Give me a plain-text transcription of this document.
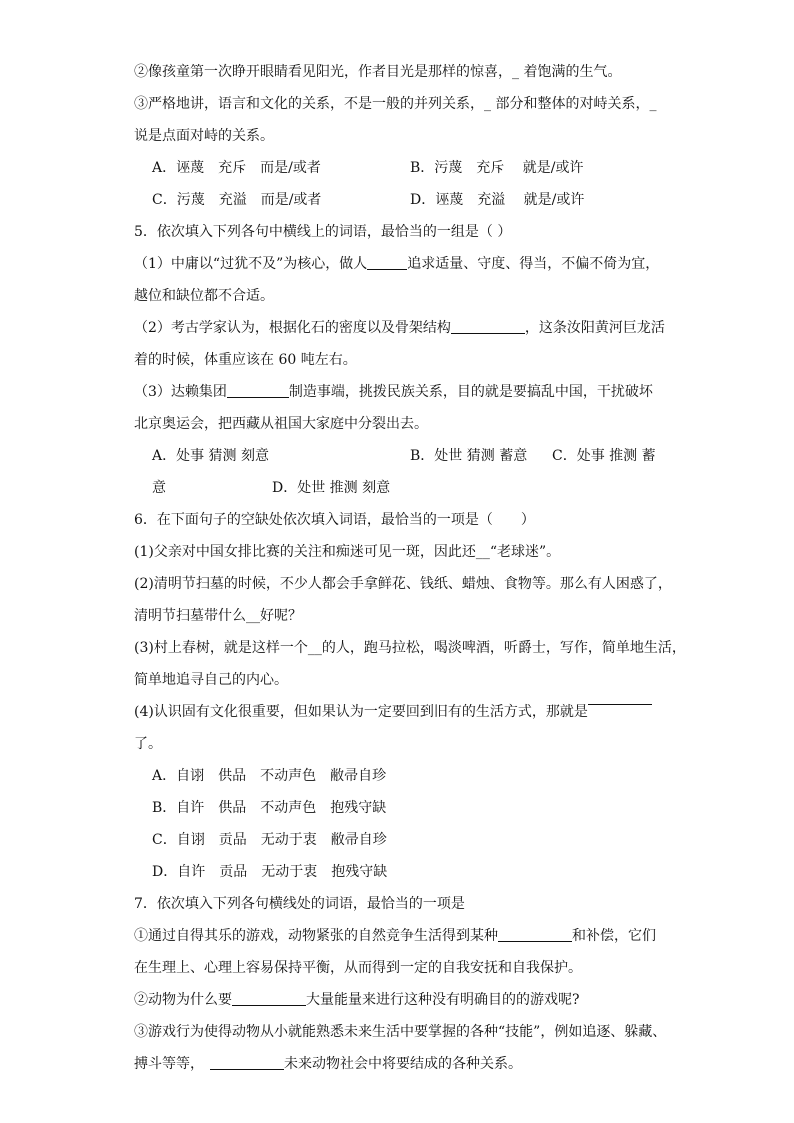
②像孩童第一次睁开眼睛看见阳光，作者目光是那样的惊喜，_ 着饱满的生气。
③严格地讲，语言和文化的关系，不是一般的并列关系，_ 部分和整体的对峙关系，_
说是点面对峙的关系。
A．诬蔑　充斥　而是/或者	B．污蔑　充斥　 就是/或许
C．污蔑　充溢　而是/或者	D．诬蔑　充溢　 就是/或许
5．依次填入下列各句中横线上的词语，最恰当的一组是（ ）
（1）中庸以“过犹不及”为核心，做人	追求适量、守度、得当，不偏不倚为宜，
越位和缺位都不合适。
（2）考古学家认为，根据化石的密度以及骨架结构	，这条汝阳黄河巨龙活
着的时候，体重应该在 60 吨左右。
（3）达赖集团	制造事端，挑拨民族关系，目的就是要搞乱中国，干扰破坏
北京奥运会，把西藏从祖国大家庭中分裂出去。
A．处事 猜测 刻意	B．处世 猜测 蓄意 C．处事 推测 蓄
意	D．处世 推测 刻意
6．在下面句子的空缺处依次填入词语，最恰当的一项是（　　）
(1)父亲对中国女排比赛的关注和痴迷可见一斑，因此还__“老球迷”。
(2)清明节扫墓的时候，不少人都会手拿鲜花、钱纸、蜡烛、食物等。那么有人困惑了，
清明节扫墓带什么__好呢？
(3)村上春树，就是这样一个__的人，跑马拉松，喝淡啤酒，听爵士，写作，简单地生活，
简单地追寻自己的内心。
(4)认识固有文化很重要，但如果认为一定要回到旧有的生活方式，那就是
了。
A．自诩　供品　不动声色　敝帚自珍
B．自许　供品　不动声色　抱残守缺
C．自诩　贡品　无动于衷　敝帚自珍
D．自许　贡品　无动于衷　抱残守缺
7．依次填入下列各句横线处的词语，最恰当的一项是
①通过自得其乐的游戏，动物紧张的自然竞争生活得到某种	和补偿，它们
在生理上、心理上容易保持平衡，从而得到一定的自我安抚和自我保护。
②动物为什么要	大量能量来进行这种没有明确目的的游戏呢?
③游戏行为使得动物从小就能熟悉未来生活中要掌握的各种“技能”，例如追逐、躲藏、
搏斗等等，	未来动物社会中将要结成的各种关系。
